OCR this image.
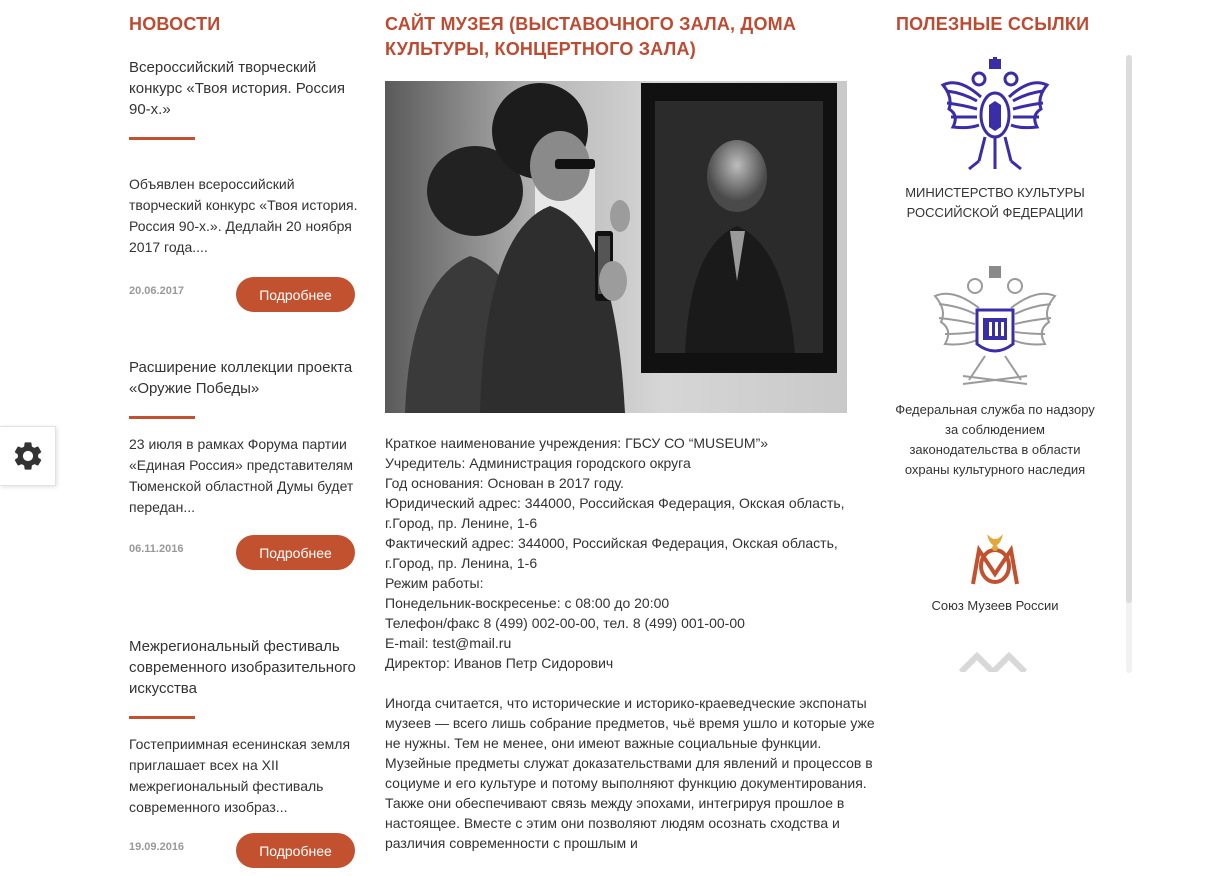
НОВОСТИ
Всероссийский творческий конкурс «Твоя история. Россия 90-х.»
Объявлен всероссийский творческий конкурс «Твоя история. Россия 90-х.». Дедлайн 20 ноября 2017 года....
20.06.2017	Подробнее
Расширение коллекции проекта «Оружие Победы»
23 июля в рамках Форума партии «Единая Россия» представителям Тюменской областной Думы будет передан...
06.11.2016	Подробнее
Межрегиональный фестиваль современного изобразительного искусства
Гостеприимная есенинская земля приглашает всех на XII межрегиональный фестиваль современного изобраз...
19.09.2016	Подробнее
САЙТ МУЗЕЯ (ВЫСТАВОЧНОГО ЗАЛА, ДОМА КУЛЬТУРЫ, КОНЦЕРТНОГО ЗАЛА)
Краткое наименование учреждения: ГБСУ СО “MUSEUM”»
Учредитель: Администрация городского округа
Год основания: Основан в 2017 году.
Юридический адрес: 344000, Российская Федерация, Окская область, г.Город, пр. Ленине, 1-6
Фактический адрес: 344000, Российская Федерация, Окская область, г.Город, пр. Ленина, 1-6
Режим работы:
Понедельник-воскресенье: с 08:00 до 20:00
Телефон/факс 8 (499) 002-00-00, тел. 8 (499) 001-00-00
E-mail: test@mail.ru
Директор: Иванов Петр Сидорович
Иногда считается, что исторические и историко-краеведческие экспонаты музеев — всего лишь собрание предметов, чьё время ушло и которые уже не нужны. Тем не менее, они имеют важные социальные функции.
Музейные предметы служат доказательствами для явлений и процессов в социуме и его культуре и потому выполняют функцию документирования. Также они обеспечивают связь между эпохами, интегрируя прошлое в настоящее. Вместе с этим они позволяют людям осознать сходства и различия современности с прошлым и
ПОЛЕЗНЫЕ ССЫЛКИ
МИНИСТЕРСТВО КУЛЬТУРЫ РОССИЙСКОЙ ФЕДЕРАЦИИ
Федеральная служба по надзору за соблюдением законодательства в области охраны культурного наследия
Союз Музеев России
